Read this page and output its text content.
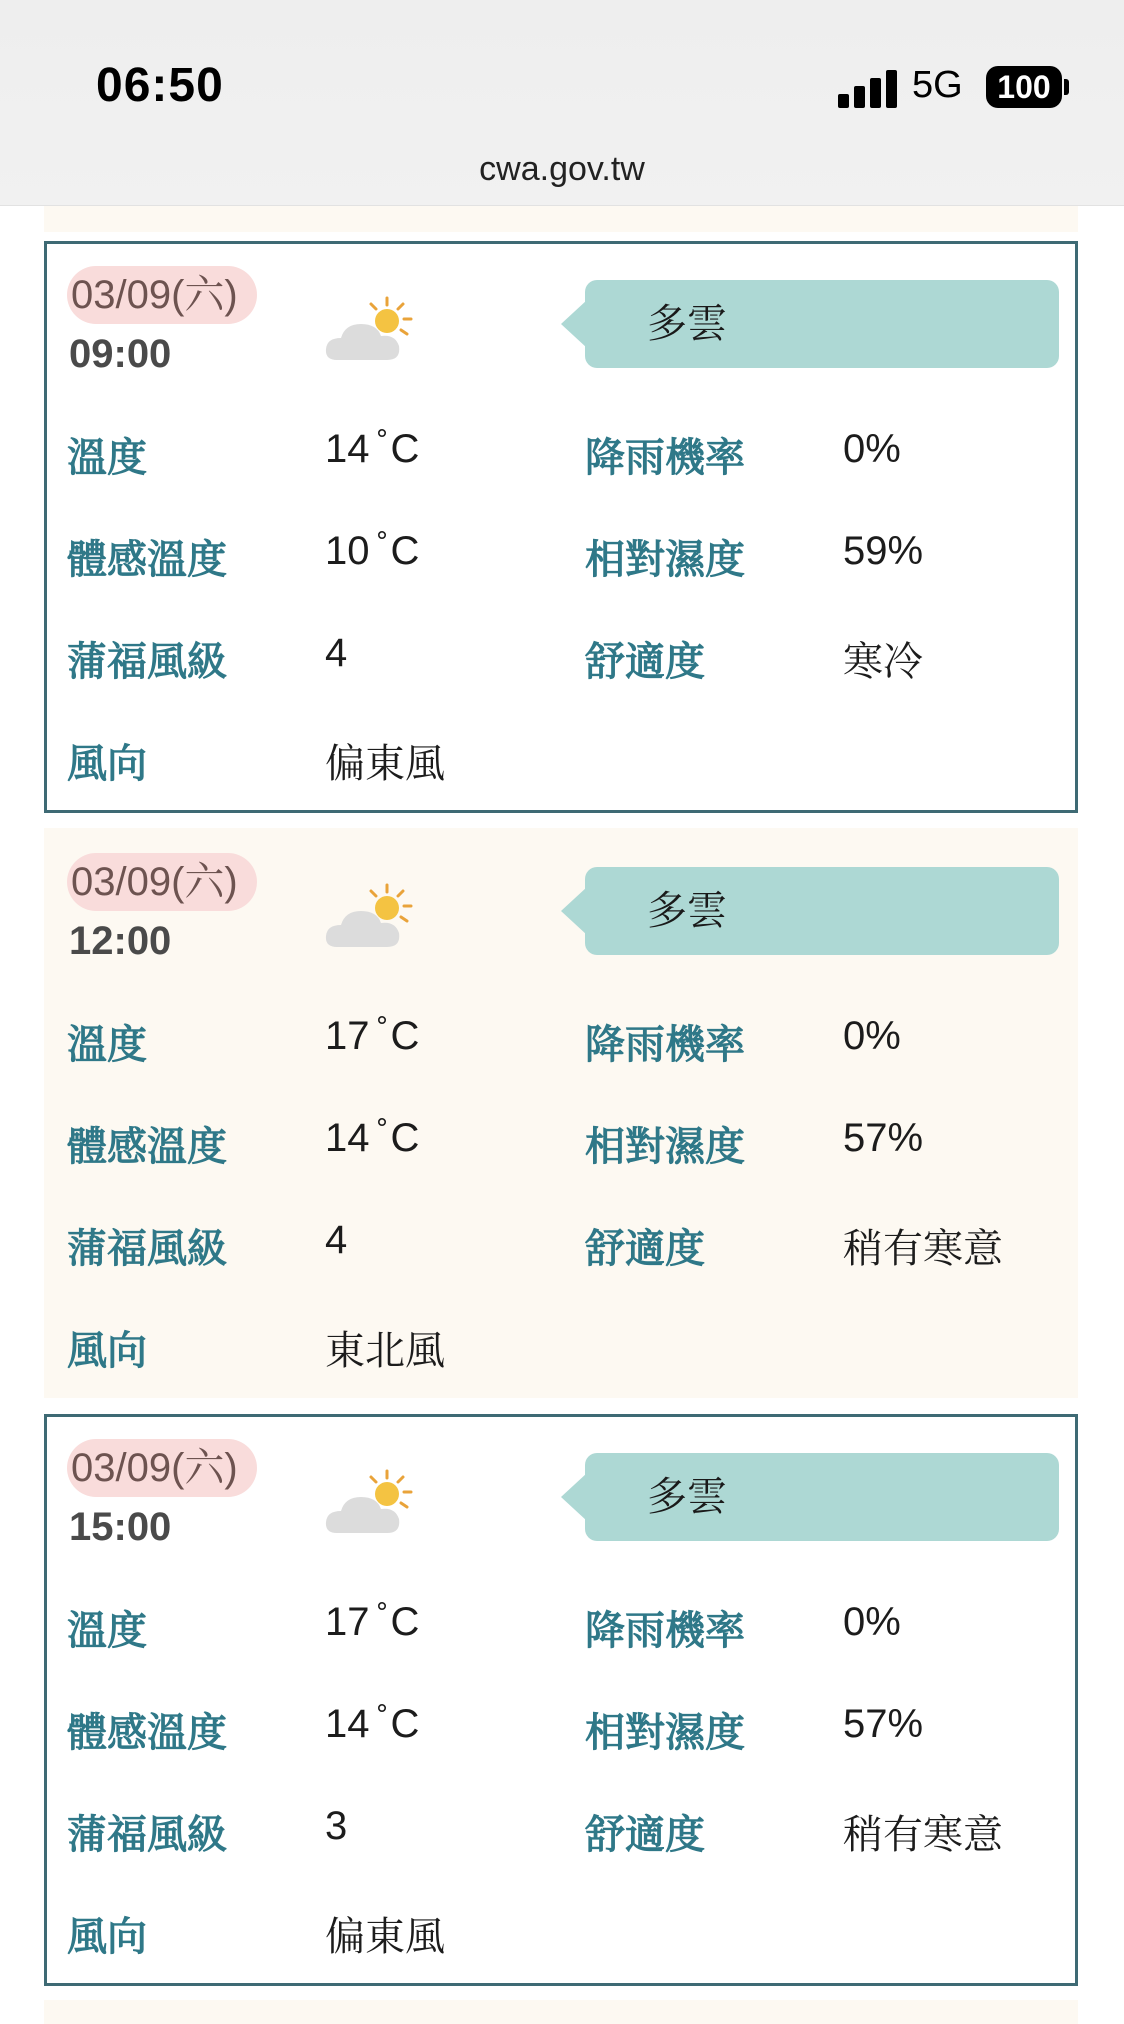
06:50	5G	100
cwa.gov.tw
03/09(六)
09:00
多雲
溫度	14 °C	降雨機率 0%
體感溫度 10 °C	相對濕度 59%
蒲福風級 4	舒適度	寒冷
風向	偏東風
03/09(六)
12:00
多雲
溫度	17 °C	降雨機率 0%
體感溫度 14 °C	相對濕度 57%
蒲福風級 4	舒適度	稍有寒意
風向	東北風
03/09(六)
15:00
多雲
溫度	17 °C	降雨機率 0%
體感溫度 14 °C	相對濕度 57%
蒲福風級 3	舒適度	稍有寒意
風向	偏東風
